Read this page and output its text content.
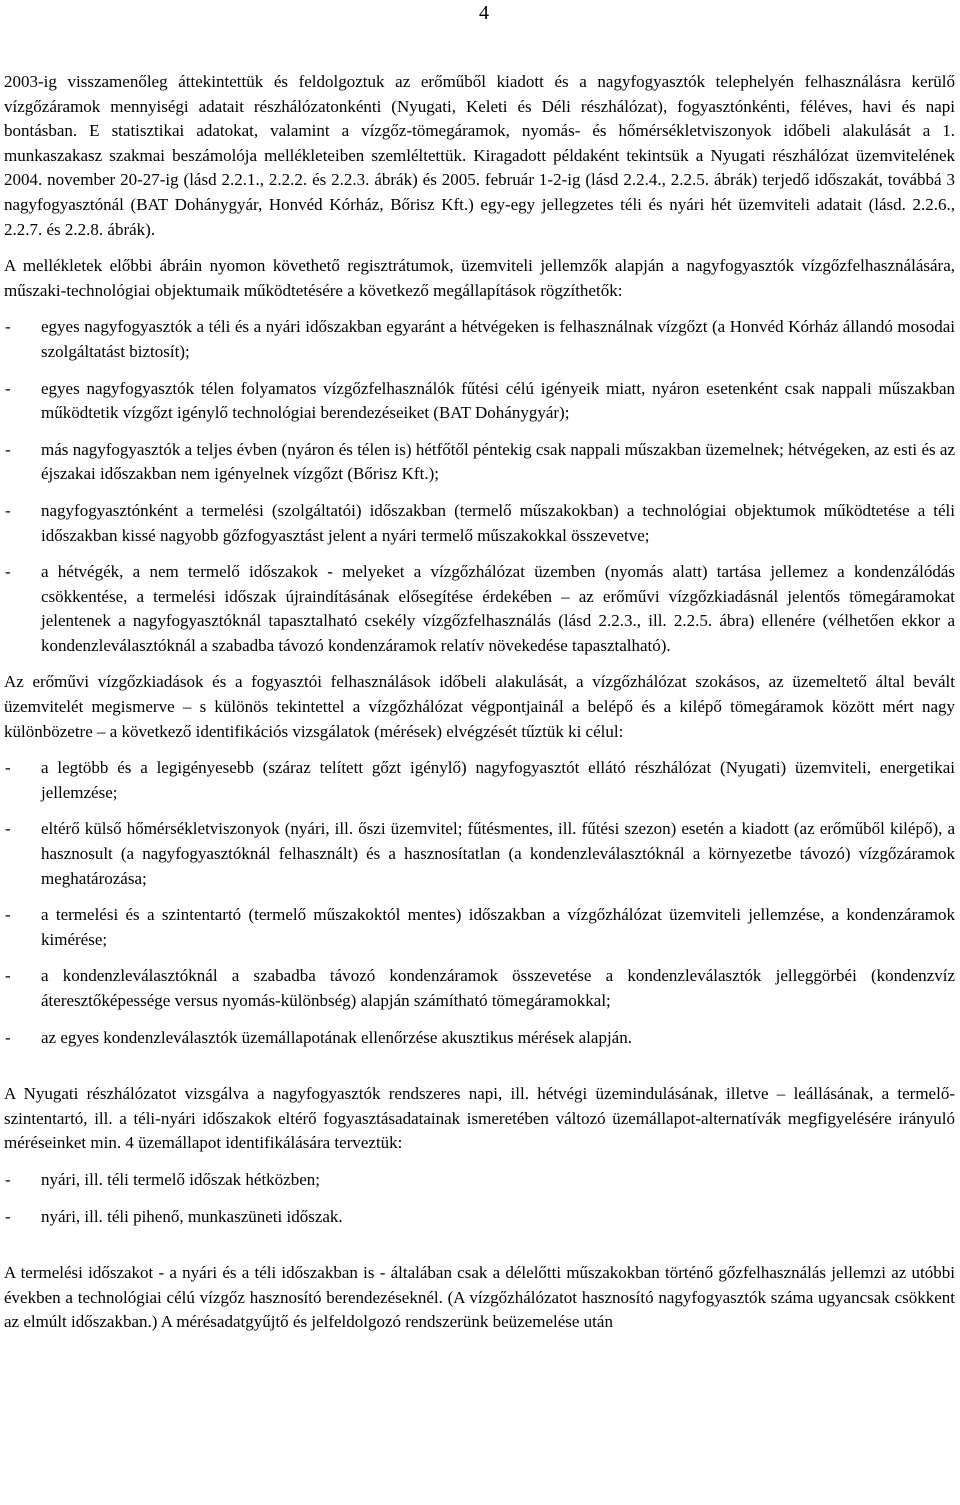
4

2003-ig visszamenőleg áttekintettük és feldolgoztuk az erőműből kiadott és a nagyfogyasztók telephelyén felhasználásra kerülő vízgőzáramok mennyiségi adatait részhálózatonkénti (Nyugati, Keleti és Déli részhálózat), fogyasztónkénti, féléves, havi és napi bontásban. E statisztikai adatokat, valamint a vízgőz-tömegáramok, nyomás- és hőmérsékletviszonyok időbeli alakulását a 1. munkaszakasz szakmai beszámolója mellékleteiben szemléltettük. Kiragadott példaként tekintsük a Nyugati részhálózat üzemvitelének 2004. november 20-27-ig (lásd 2.2.1., 2.2.2. és 2.2.3. ábrák) és 2005. február 1-2-ig (lásd 2.2.4., 2.2.5. ábrák) terjedő időszakát, továbbá 3 nagyfogyasztónál (BAT Dohánygyár, Honvéd Kórház, Bőrisz Kft.) egy-egy jellegzetes téli és nyári hét üzemviteli adatait (lásd. 2.2.6., 2.2.7. és 2.2.8. ábrák).

A mellékletek előbbi ábráin nyomon követhető regisztrátumok, üzemviteli jellemzők alapján a nagyfogyasztók vízgőzfelhasználására, műszaki-technológiai objektumaik működtetésére a következő megállapítások rögzíthetők:

- egyes nagyfogyasztók a téli és a nyári időszakban egyaránt a hétvégeken is felhasználnak vízgőzt (a Honvéd Kórház állandó mosodai szolgáltatást biztosít);
- egyes nagyfogyasztók télen folyamatos vízgőzfelhasználók fűtési célú igényeik miatt, nyáron esetenként csak nappali műszakban működtetik vízgőzt igénylő technológiai berendezéseiket (BAT Dohánygyár);
- más nagyfogyasztók a teljes évben (nyáron és télen is) hétfőtől péntekig csak nappali műszakban üzemelnek; hétvégeken, az esti és az éjszakai időszakban nem igényelnek vízgőzt (Bőrisz Kft.);
- nagyfogyasztónként a termelési (szolgáltatói) időszakban (termelő műszakokban) a technológiai objektumok működtetése a téli időszakban kissé nagyobb gőzfogyasztást jelent a nyári termelő műszakokkal összevetve;
- a hétvégék, a nem termelő időszakok - melyeket a vízgőzhálózat üzemben (nyomás alatt) tartása jellemez a kondenzálódás csökkentése, a termelési időszak újraindításának elősegítése érdekében – az erőművi vízgőzkiadásnál jelentős tömegáramokat jelentenek a nagyfogyasztóknál tapasztalható csekély vízgőzfelhasználás (lásd 2.2.3., ill. 2.2.5. ábra) ellenére (vélhetően ekkor a kondenzleválasztóknál a szabadba távozó kondenzáramok relatív növekedése tapasztalható).

Az erőművi vízgőzkiadások és a fogyasztói felhasználások időbeli alakulását, a vízgőzhálózat szokásos, az üzemeltető által bevált üzemvitelét megismerve – s különös tekintettel a vízgőzhálózat végpontjainál a belépő és a kilépő tömegáramok között mért nagy különbözetre – a következő identifikációs vizsgálatok (mérések) elvégzését tűztük ki célul:

- a legtöbb és a legigényesebb (száraz telített gőzt igénylő) nagyfogyasztót ellátó részhálózat (Nyugati) üzemviteli, energetikai jellemzése;
- eltérő külső hőmérsékletviszonyok (nyári, ill. őszi üzemvitel; fűtésmentes, ill. fűtési szezon) esetén a kiadott (az erőműből kilépő), a hasznosult (a nagyfogyasztóknál felhasznált) és a hasznosítatlan (a kondenzleválasztóknál a környezetbe távozó) vízgőzáramok meghatározása;
- a termelési és a szintentartó (termelő műszakoktól mentes) időszakban a vízgőzhálózat üzemviteli jellemzése, a kondenzáramok kimérése;
- a kondenzleválasztóknál a szabadba távozó kondenzáramok összevetése a kondenzleválasztók jelleggörbéi (kondenzvíz áteresztőképessége versus nyomás-különbség) alapján számítható tömegáramokkal;
- az egyes kondenzleválasztók üzemállapotának ellenőrzése akusztikus mérések alapján.

A Nyugati részhálózatot vizsgálva a nagyfogyasztók rendszeres napi, ill. hétvégi üzemindulásának, illetve – leállásának, a termelő-szintentartó, ill. a téli-nyári időszakok eltérő fogyasztásadatainak ismeretében változó üzemállapot-alternatívák megfigyelésére irányuló méréseinket min. 4 üzemállapot identifikálására terveztük:

- nyári, ill. téli termelő időszak hétközben;
- nyári, ill. téli pihenő, munkaszüneti időszak.

A termelési időszakot - a nyári és a téli időszakban is - általában csak a délelőtti műszakokban történő gőzfelhasználás jellemzi az utóbbi években a technológiai célú vízgőz hasznosító berendezéseknél. (A vízgőzhálózatot hasznosító nagyfogyasztók száma ugyancsak csökkent az elmúlt időszakban.) A mérésadatgyűjtő és jelfeldolgozó rendszerünk beüzemelése után
